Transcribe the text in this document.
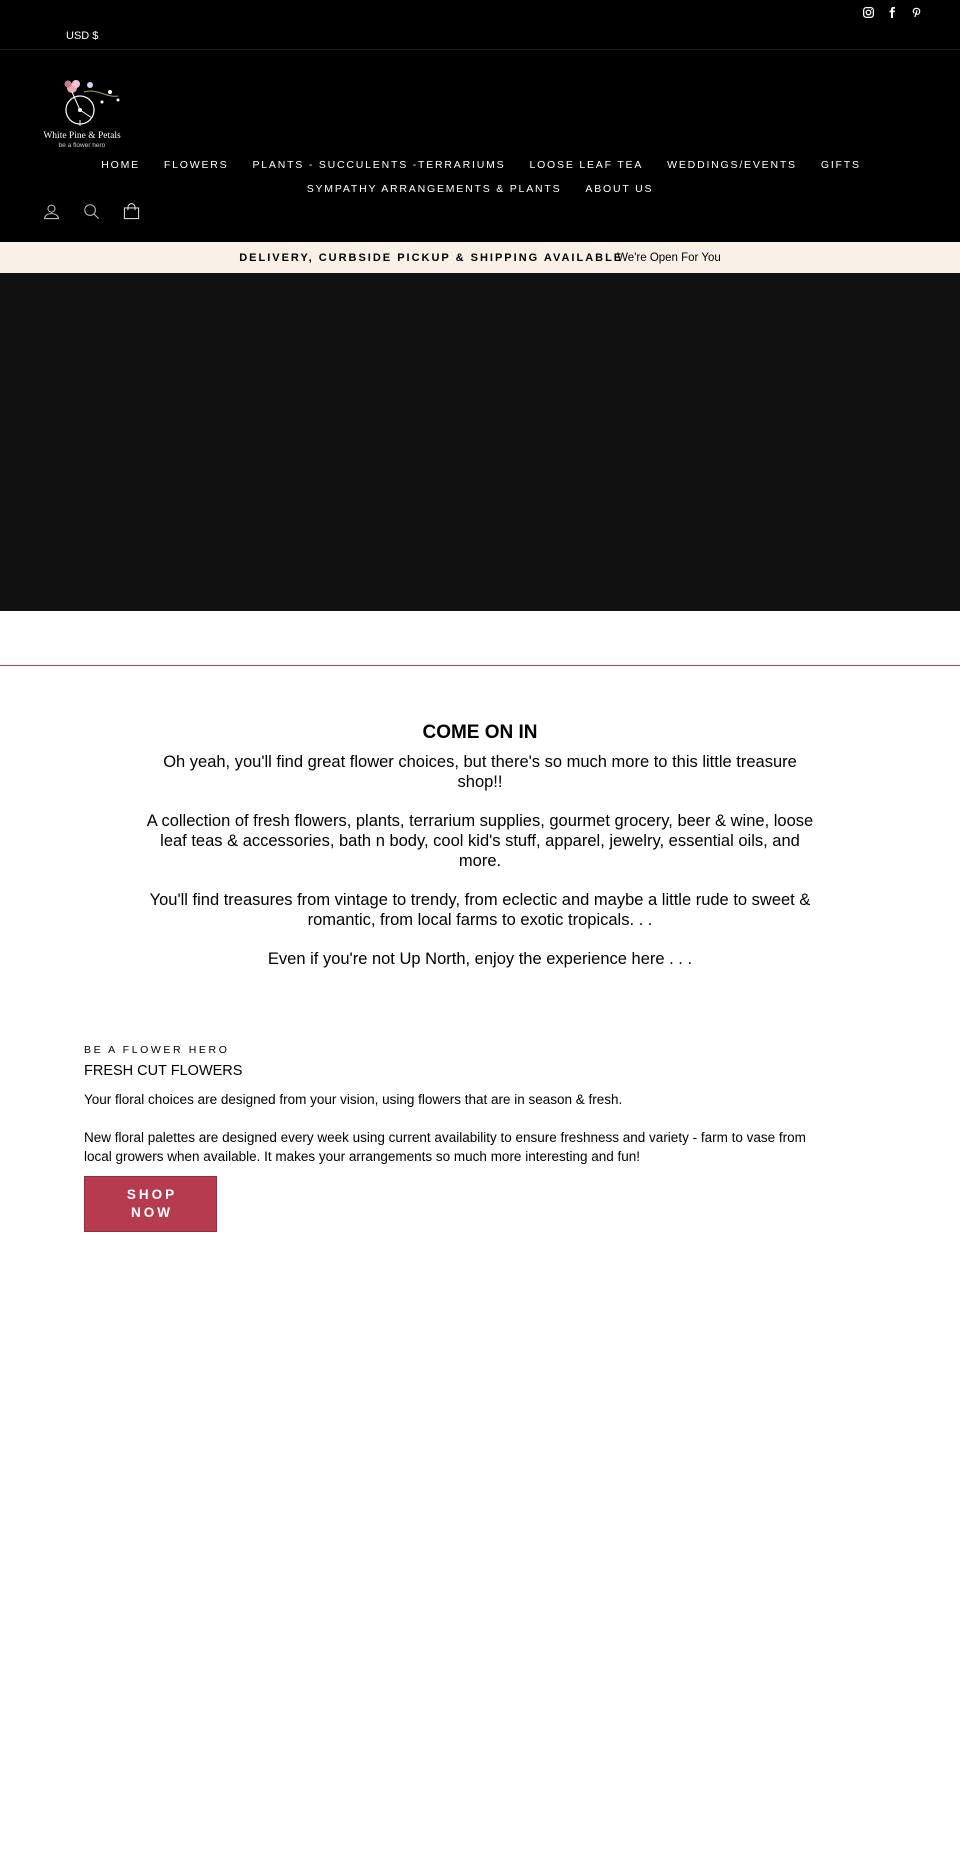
USD $
White Pine & Petals
be a flower hero
HOME	FLOWERS	PLANTS - SUCCULENTS -TERRARIUMS	LOOSE LEAF TEA	WEDDINGS/EVENTS	GIFTS
SYMPATHY ARRANGEMENTS & PLANTS	ABOUT US
DELIVERY, CURBSIDE PICKUP & SHIPPING AVAILABLE
We're Open For You
COME ON IN

Oh yeah, you'll find great flower choices, but there's so much more to this little treasure shop!!

A collection of fresh flowers, plants, terrarium supplies, gourmet grocery, beer & wine, loose leaf teas & accessories, bath n body, cool kid's stuff, apparel, jewelry, essential oils, and more.

You'll find treasures from vintage to trendy, from eclectic and maybe a little rude to sweet & romantic, from local farms to exotic tropicals. . .

Even if you're not Up North, enjoy the experience here . . .

BE A FLOWER HERO
FRESH CUT FLOWERS

Your floral choices are designed from your vision, using flowers that are in season & fresh.

New floral palettes are designed every week using current availability to ensure freshness and variety - farm to vase from local growers when available. It makes your arrangements so much more interesting and fun!

SHOP
NOW
